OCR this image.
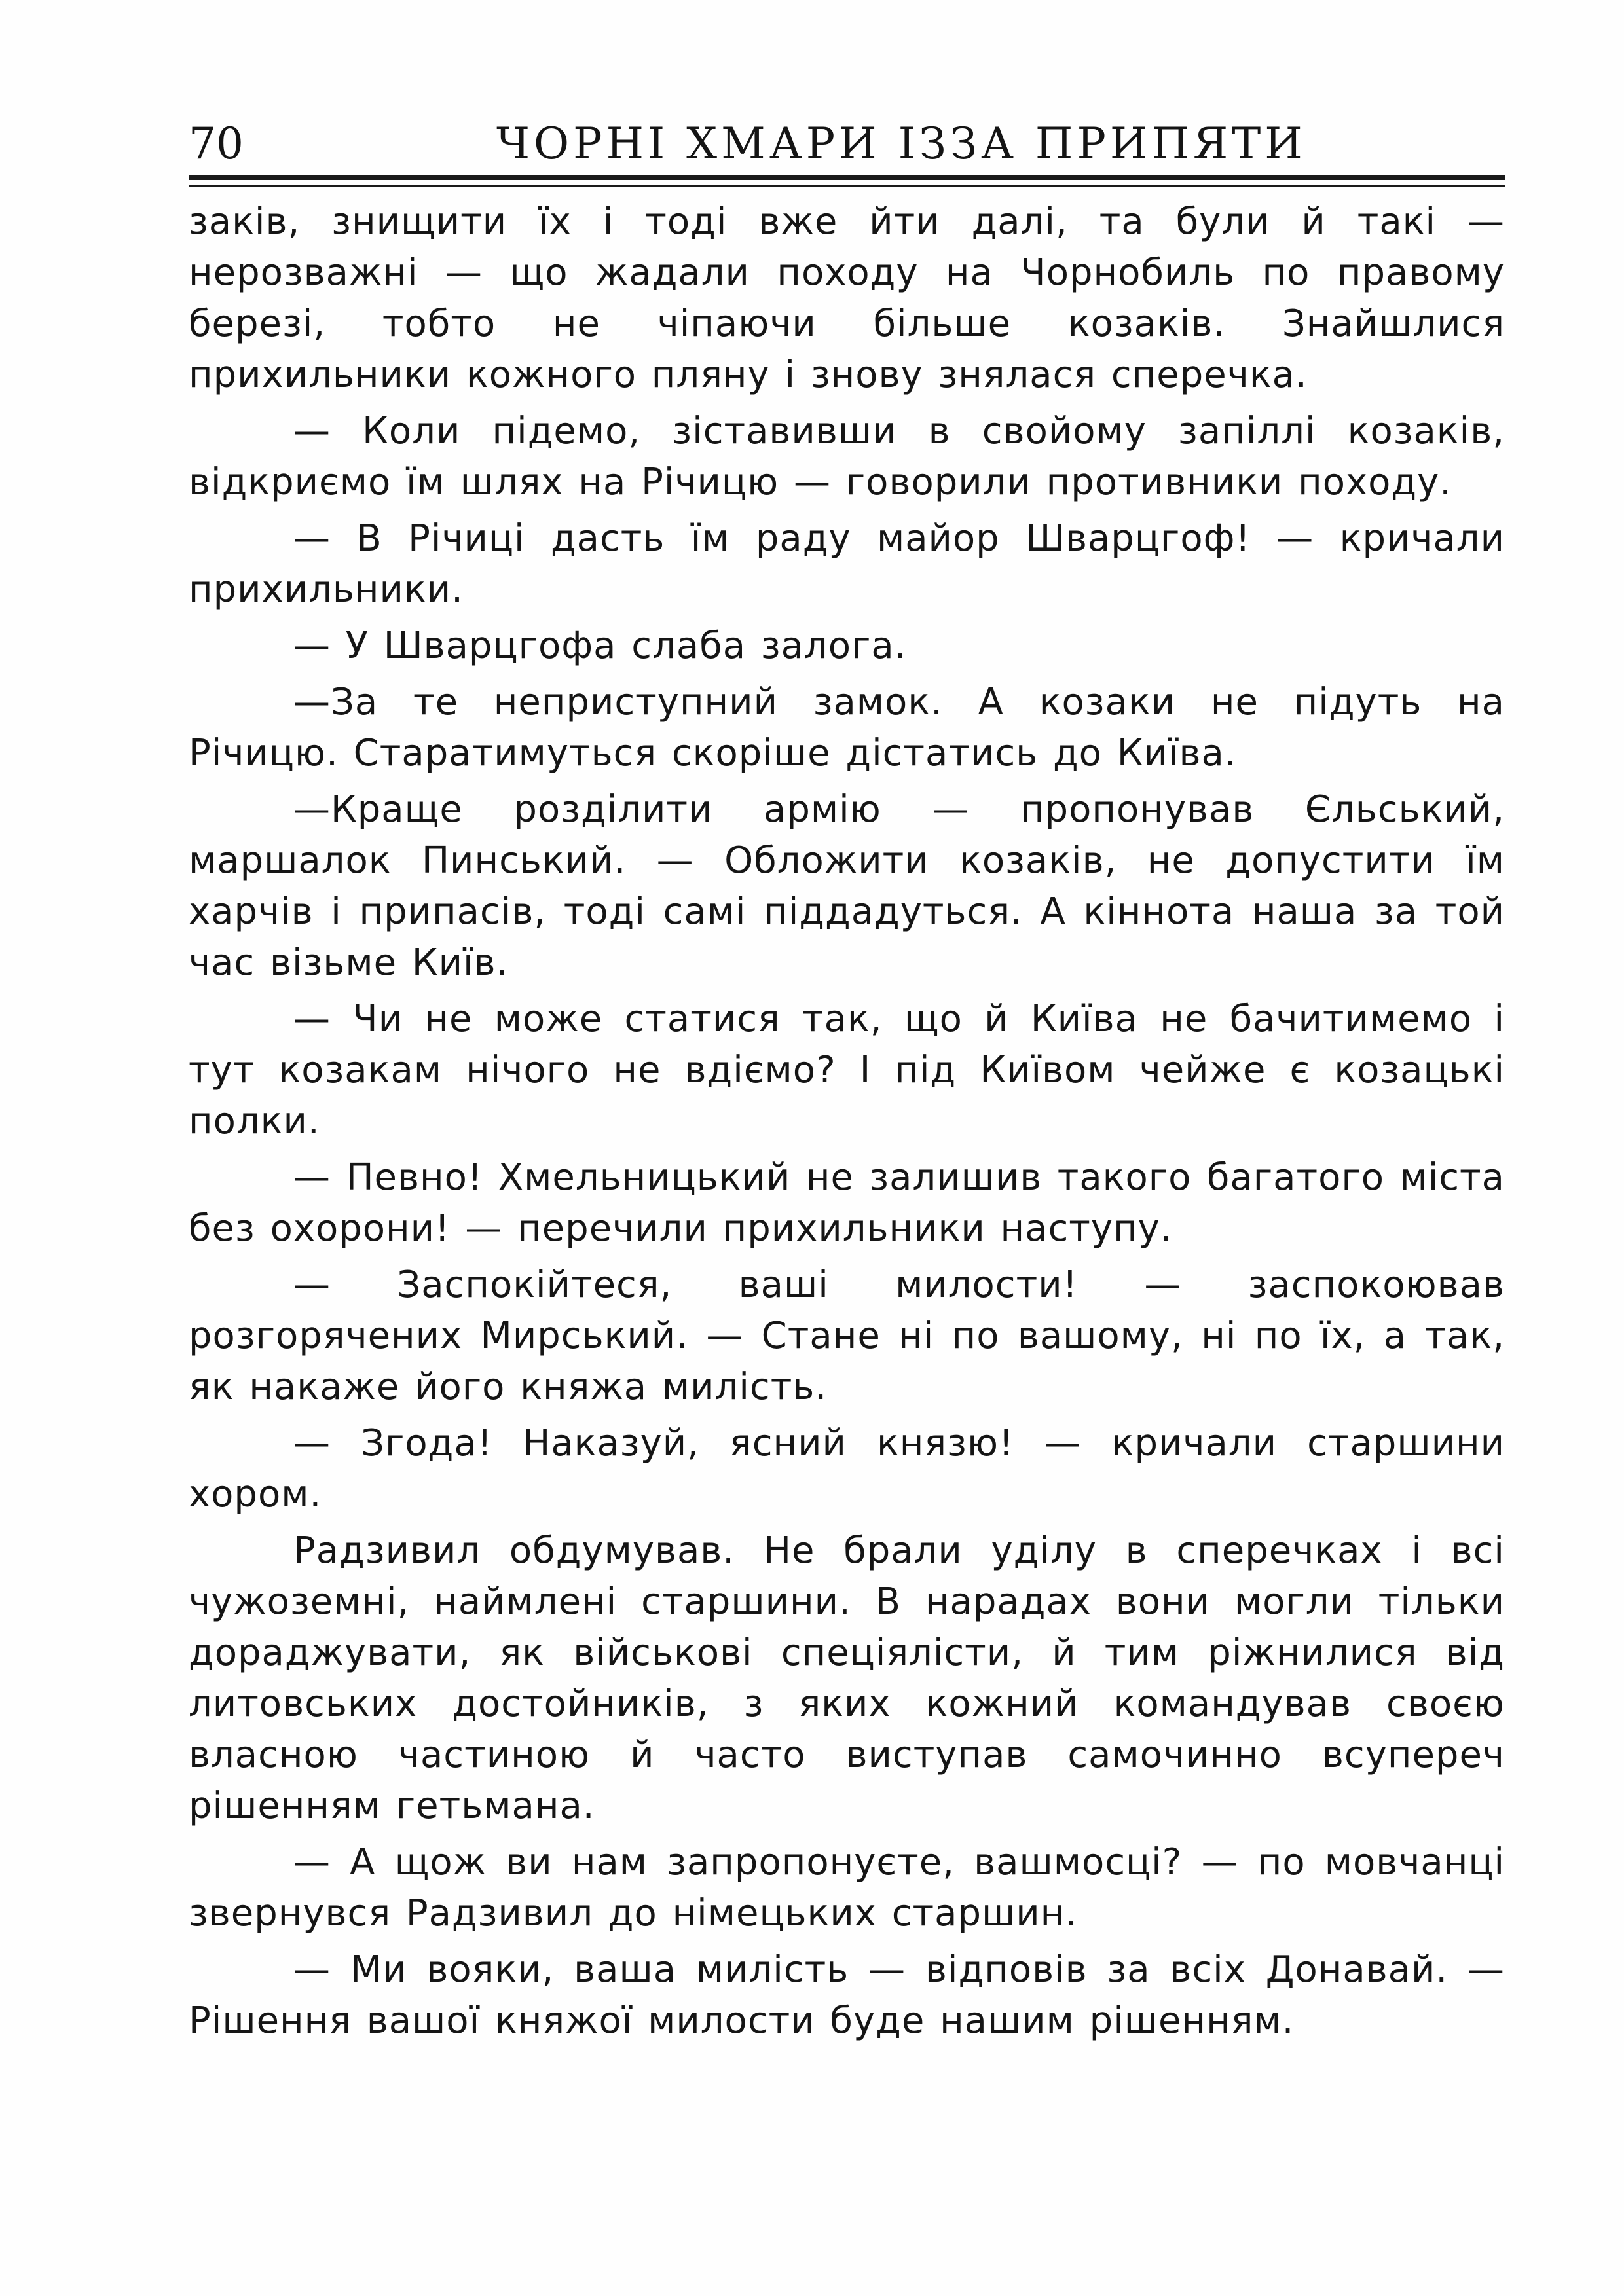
70	ЧОРНІ ХМАРИ ІЗЗА ПРИПЯТИ

заків, знищити їх і тоді вже йти далі, та були й такі — нерозважні — що жадали походу на Чорнобиль по правому березі, тобто не чіпаючи більше козаків. Знайшлися прихильники кожного пляну і знову знялася сперечка.

— Коли підемо, зіставивши в свойому запіллі козаків, відкриємо їм шлях на Річицю — говорили противники походу.

— В Річиці дасть їм раду майор Шварцгоф! — кричали прихильники.

— У Шварцгофа слаба залога.

—За те неприступний замок. А козаки не підуть на Річицю. Старатимуться скоріше дістатись до Київа.

—Краще розділити армію — пропонував Єльський, маршалок Пинський. — Обложити козаків, не допустити їм харчів і припасів, тоді самі піддадуться. А кіннота наша за той час візьме Київ.

— Чи не може статися так, що й Київа не бачитимемо і тут козакам нічого не вдіємо? І під Київом чейже є козацькі полки.

— Певно! Хмельницький не залишив такого багатого міста без охорони! — перечили прихильники наступу.

— Заспокійтеся, ваші милости! — заспокоював розгорячених Мирський. — Стане ні по вашому, ні по їх, а так, як накаже його княжа милість.

— Згода! Наказуй, ясний князю! — кричали старшини хором.

Радзивил обдумував. Не брали уділу в сперечках і всі чужоземні, наймлені старшини. В нарадах вони могли тільки дораджувати, як військові спеціялісти, й тим ріжнилися від литовських достойників, з яких кожний командував своєю власною частиною й часто виступав самочинно всупереч рішенням гетьмана.

— А щож ви нам запропонуєте, вашмосці? — по мовчанці звернувся Радзивил до німецьких старшин.

— Ми вояки, ваша милість — відповів за всіх Донавай. — Рішення вашої княжої милости буде нашим рішенням.
